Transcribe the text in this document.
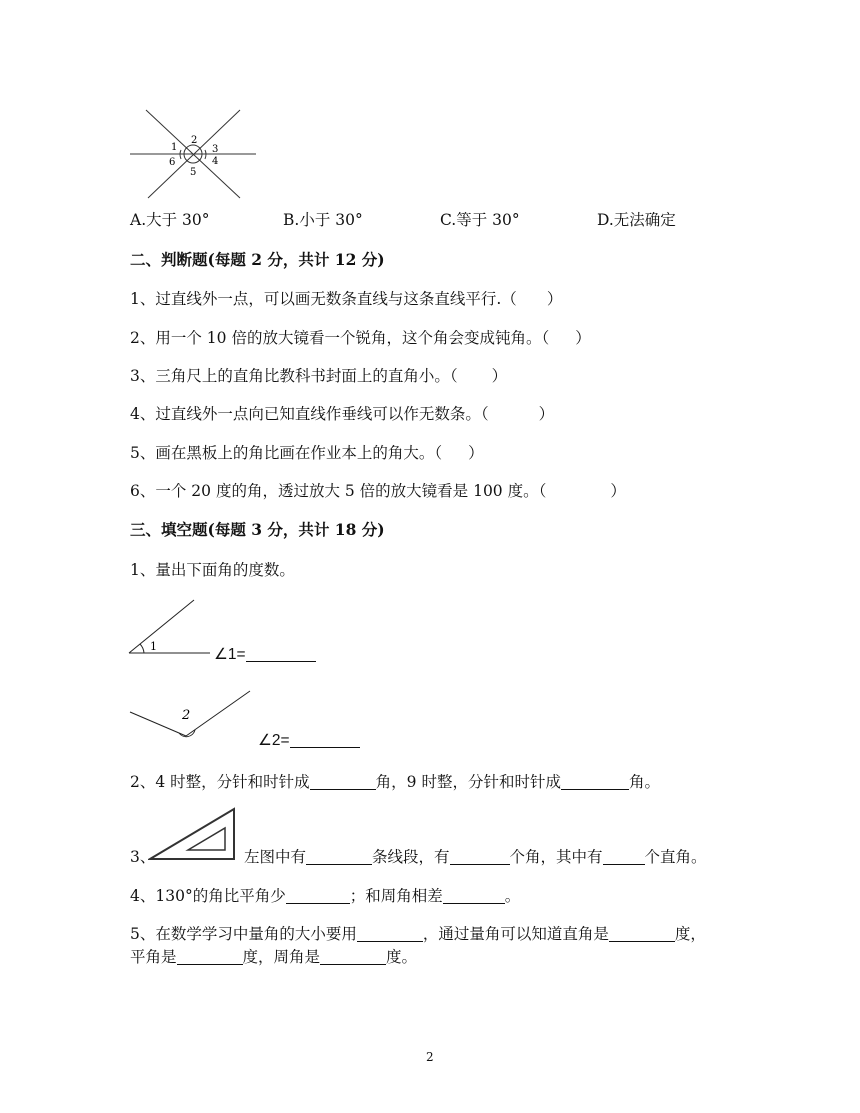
1
2
3
4
5
6
A.大于 30°	B.小于 30°	C.等于 30°	D.无法确定
二、判断题(每题 2 分，共计 12 分)
1、过直线外一点，可以画无数条直线与这条直线平行.（ ）
2、用一个 10 倍的放大镜看一个锐角，这个角会变成钝角。（ ）
3、三角尺上的直角比教科书封面上的直角小。（ ）
4、过直线外一点向已知直线作垂线可以作无数条。（	）
5、画在黑板上的角比画在作业本上的角大。（ ）
6、一个 20 度的角，透过放大 5 倍的放大镜看是 100 度。（	）
三、填空题(每题 3 分，共计 18 分)
1、量出下面角的度数。
1	∠1=
2
∠2=
2、4 时整，分针和时针成	角，9 时整，分针和时针成	角。
3、	左图中有	条线段，有	个角，其中有	个直角。
4、130°的角比平角少	；和周角相差	。
5、在数学学习中量角的大小要用	，通过量角可以知道直角是	度，
平角是	度，周角是	度。
2
